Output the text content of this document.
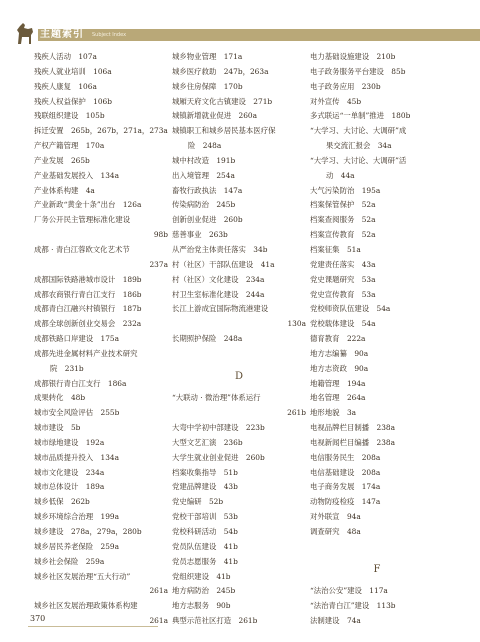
主题索引 Subject Index
残疾人活动　107a
残疾人就业培训　106a
残疾人康复　106a
残疾人权益保护　106b
残联组织建设　105b
拆迁安置　265b，267b，271a，273a
产权产籍管理　170a
产业发展　265b
产业基础发展投入　134a
产业体系构建　4a
产业新政“黄金十条”出台　126a
厂务公开民主管理标准化建设
98b
成都 · 青白江蓉欧文化艺术节
237a
成都国际铁路港城市设计　189b
成都农商银行青白江支行　186b
成都青白江融兴村镇银行　187b
成都全球创新创业交易会　232a
成都铁路口岸建设　175a
成都先进金属材料产业技术研究
院　231b
成都银行青白江支行　186a
成果转化　48b
城市安全风险评估　255b
城市建设　5b
城市绿地建设　192a
城市品质提升投入　134a
城市文化建设　234a
城市总体设计　189a
城乡低保　262b
城乡环境综合治理　199a
城乡建设　278a，279a，280b
城乡居民养老保险　259a
城乡社会保险　259a
城乡社区发展治理“五大行动”
261a
城乡社区发展治理政策体系构建
261a
城乡物业管理　171a
城乡医疗救助　247b，263a
城乡住房保障　170b
城厢天府文化古镇建设　271b
城镇新增就业促进　260a
城镇职工和城乡居民基本医疗保
险　248a
城中村改造　191b
出入境管理　254a
畜牧行政执法　147a
传染病防治　245b
创新创业促进　260b
慈善事业　263b
从严治党主体责任落实　34b
村（社区）干部队伍建设　41a
村（社区）文化建设　234a
村卫生室标准化建设　244a
长江上游成宜国际物流港建设
130a
长期照护保险　248a
D
“大联动 · 微治理”体系运行
261b
大弯中学初中部建设　223b
大型文艺汇演　236b
大学生就业创业促进　260b
档案收集指导　51b
党建品牌建设　43b
党史编研　52b
党校干部培训　53b
党校科研活动　54b
党员队伍建设　41b
党员志愿服务　41b
党组织建设　41b
地方病防治　245b
地方志服务　90b
典型示范社区打造　261b
电力基础设施建设　210b
电子政务服务平台建设　85b
电子政务应用　230b
对外宣传　45b
多式联运“一单制”推进　180b
“大学习、大讨论、大调研”成
果交流汇报会　34a
“大学习、大讨论、大调研”活
动　44a
大气污染防治　195a
档案保管保护　52a
档案查阅服务　52a
档案宣传教育　52a
档案征集　51a
党建责任落实　43a
党史课题研究　53a
党史宣传教育　53a
党校师资队伍建设　54a
党校载体建设　54a
德育教育　222a
地方志编纂　90a
地方志资政　90a
地籍管理　194a
地名管理　264a
地形地貌　3a
电视品牌栏目制播　238a
电视新闻栏目编播　238a
电信服务民生　208a
电信基础建设　208a
电子商务发展　174a
动物防疫检疫　147a
对外联宣　94a
调查研究　48a
F
“法治公安”建设　117a
“法治青白江”建设　113b
法制建设　74a
370
